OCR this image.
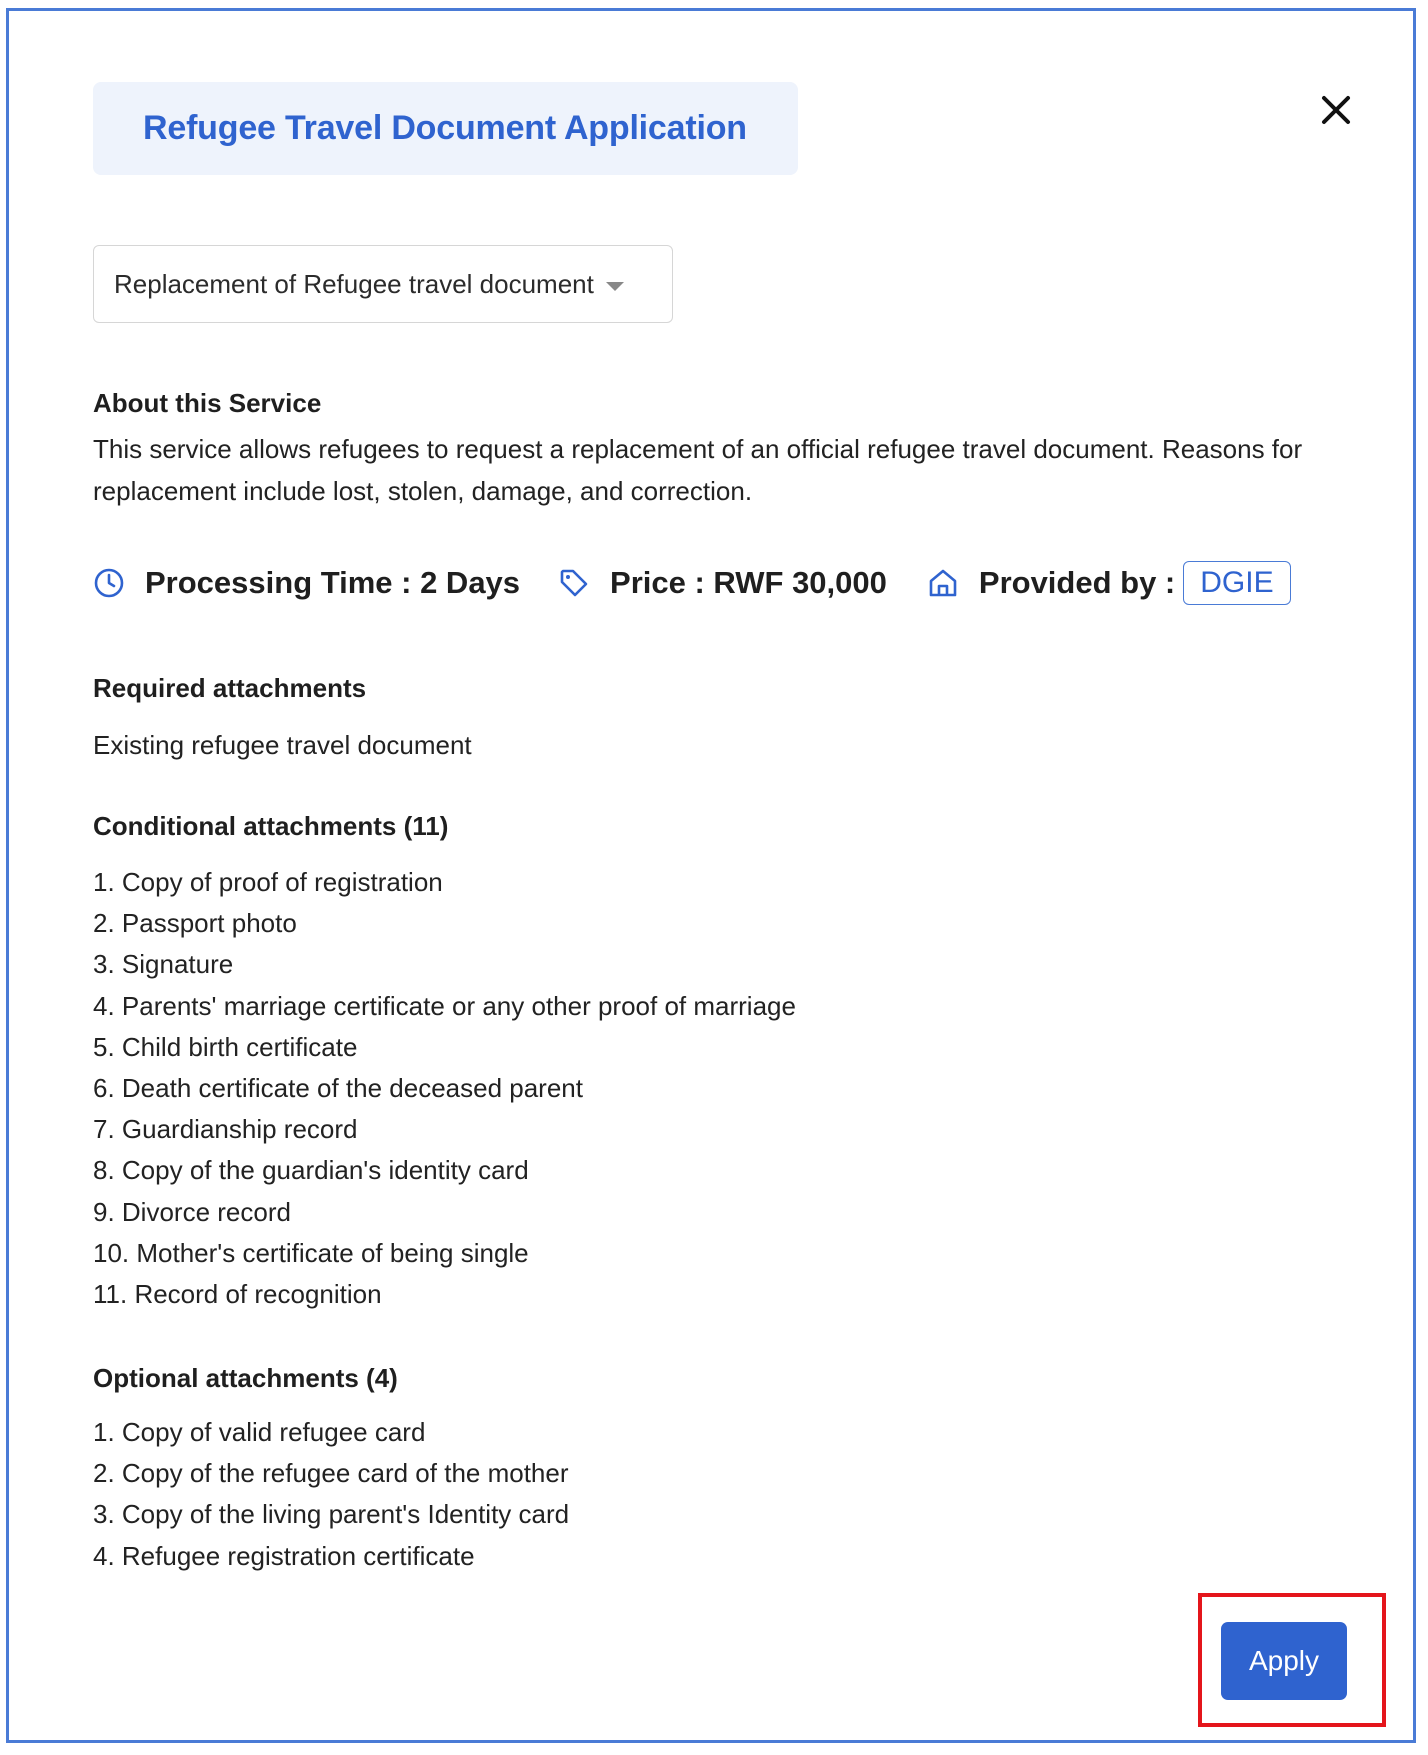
Refugee Travel Document Application
Replacement of Refugee travel document
About this Service
This service allows refugees to request a replacement of an official refugee travel document. Reasons for replacement include lost, stolen, damage, and correction.
Processing Time : 2 Days	Price : RWF 30,000	Provided by : DGIE
Required attachments
Existing refugee travel document
Conditional attachments (11)
1. Copy of proof of registration
2. Passport photo
3. Signature
4. Parents' marriage certificate or any other proof of marriage
5. Child birth certificate
6. Death certificate of the deceased parent
7. Guardianship record
8. Copy of the guardian's identity card
9. Divorce record
10. Mother's certificate of being single
11. Record of recognition
Optional attachments (4)
1. Copy of valid refugee card
2. Copy of the refugee card of the mother
3. Copy of the living parent's Identity card
4. Refugee registration certificate
Apply
